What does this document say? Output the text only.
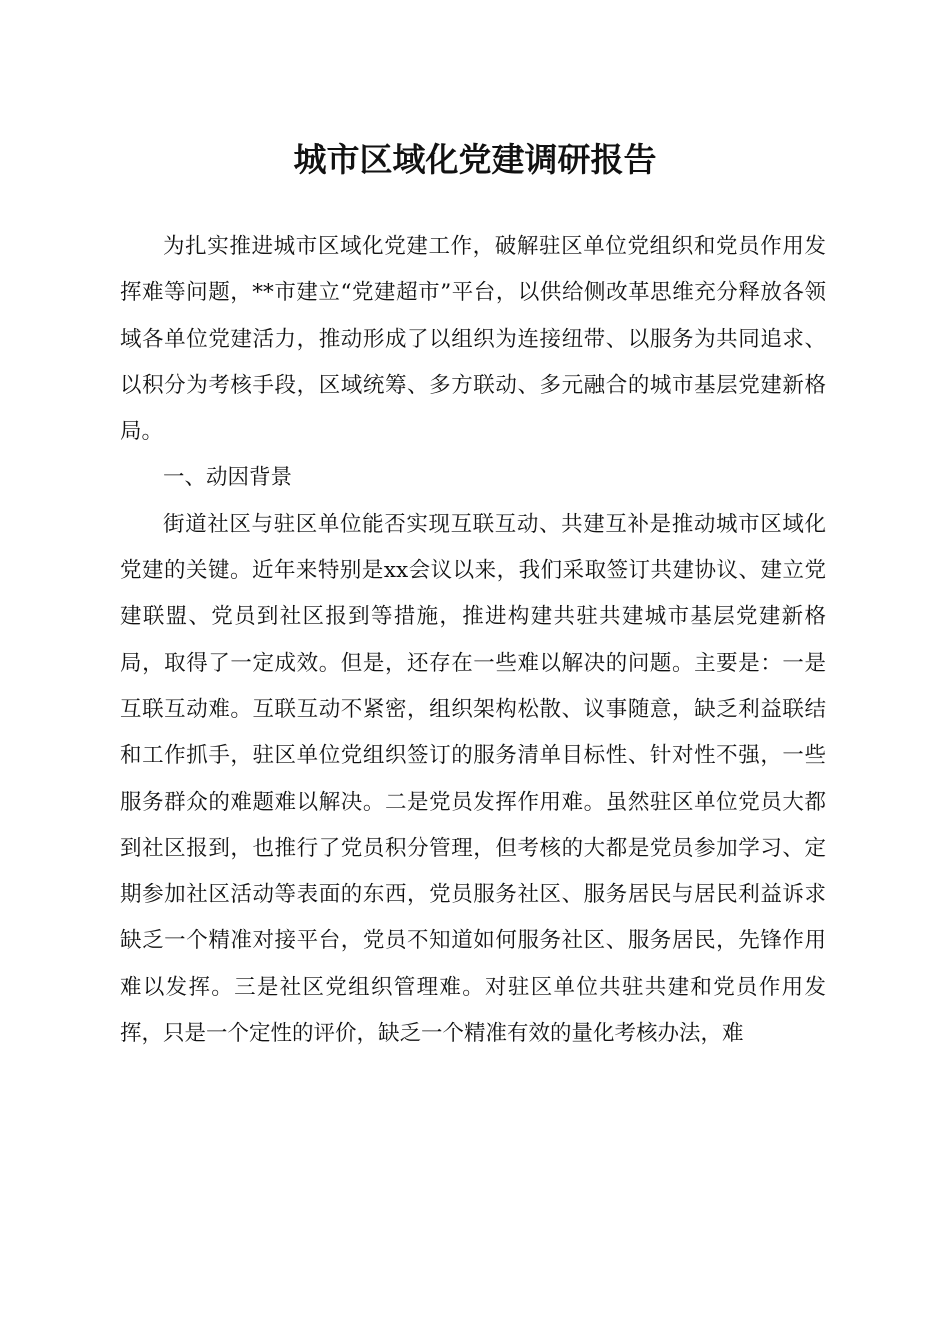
城市区域化党建调研报告

为扎实推进城市区域化党建工作，破解驻区单位党组织和党员作用发挥难等问题，**市建立“党建超市”平台，以供给侧改革思维充分释放各领域各单位党建活力，推动形成了以组织为连接纽带、以服务为共同追求、以积分为考核手段，区域统筹、多方联动、多元融合的城市基层党建新格局。

一、动因背景

街道社区与驻区单位能否实现互联互动、共建互补是推动城市区域化党建的关键。近年来特别是xx会议以来，我们采取签订共建协议、建立党建联盟、党员到社区报到等措施，推进构建共驻共建城市基层党建新格局，取得了一定成效。但是，还存在一些难以解决的问题。主要是：一是互联互动难。互联互动不紧密，组织架构松散、议事随意，缺乏利益联结和工作抓手，驻区单位党组织签订的服务清单目标性、针对性不强，一些服务群众的难题难以解决。二是党员发挥作用难。虽然驻区单位党员大都到社区报到，也推行了党员积分管理，但考核的大都是党员参加学习、定期参加社区活动等表面的东西，党员服务社区、服务居民与居民利益诉求缺乏一个精准对接平台，党员不知道如何服务社区、服务居民，先锋作用难以发挥。三是社区党组织管理难。对驻区单位共驻共建和党员作用发挥，只是一个定性的评价，缺乏一个精准有效的量化考核办法，难
